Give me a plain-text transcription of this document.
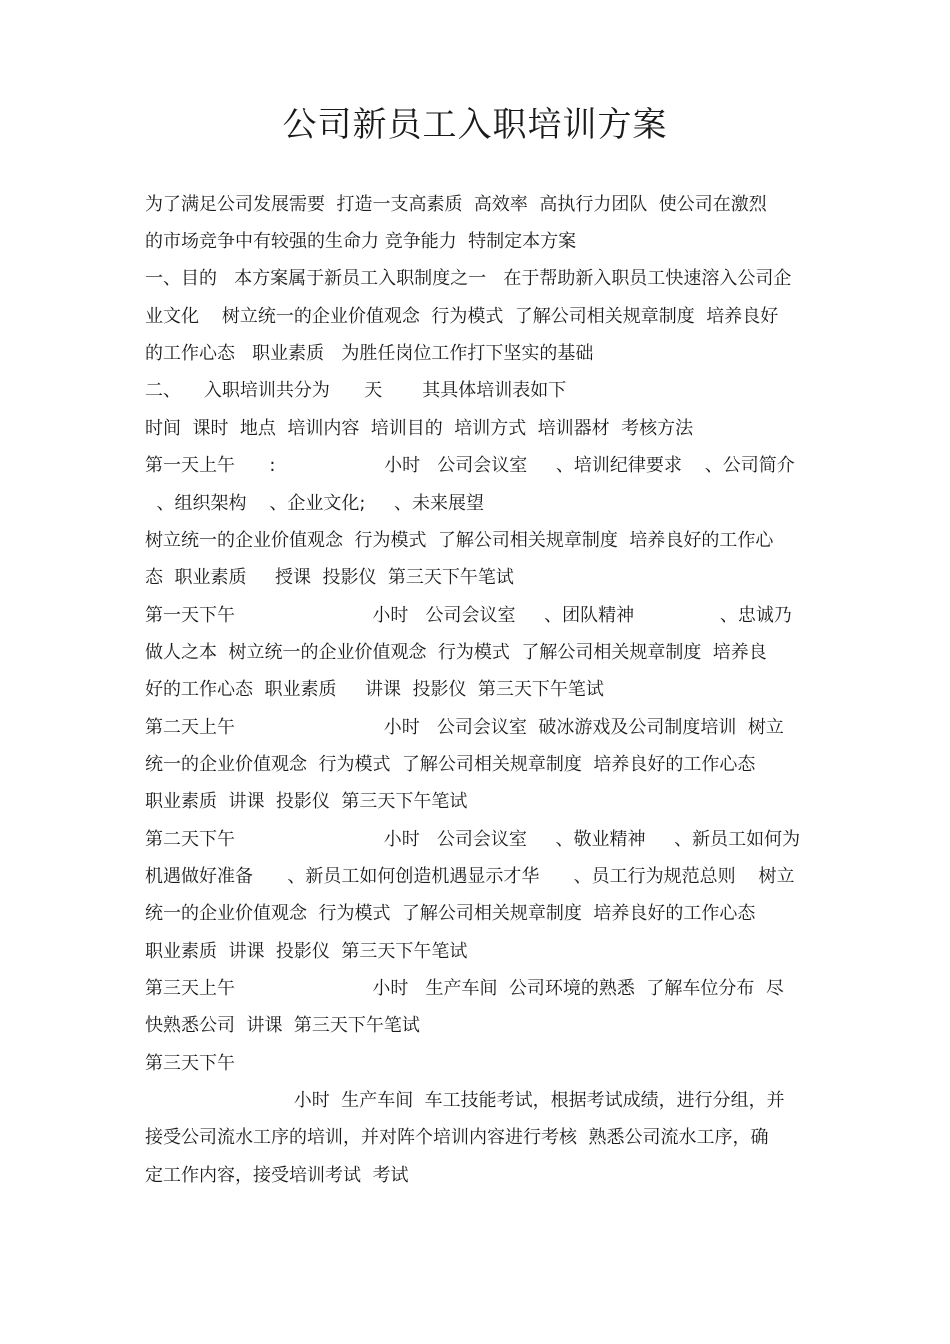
公司新员工入职培训方案
为了满足公司发展需要  打造一支高素质  高效率  高执行力团队  使公司在激烈
的市场竞争中有较强的生命力 竞争能力  特制定本方案
一、目的   本方案属于新员工入职制度之一   在于帮助新入职员工快速溶入公司企
业文化    树立统一的企业价值观念  行为模式  了解公司相关规章制度  培养良好
的工作心态   职业素质   为胜任岗位工作打下坚实的基础
二、    入职培训共分为      天       其具体培训表如下
时间  课时  地点  培训内容  培训目的  培训方式  培训器材  考核方法
第一天上午      :                   小时   公司会议室     、培训纪律要求    、公司简介
、组织架构    、企业文化;     、未来展望
树立统一的企业价值观念  行为模式  了解公司相关规章制度  培养良好的工作心
态  职业素质     授课  投影仪  第三天下午笔试
第一天下午                        小时   公司会议室     、团队精神               、忠诚乃
做人之本  树立统一的企业价值观念  行为模式  了解公司相关规章制度  培养良
好的工作心态  职业素质     讲课  投影仪  第三天下午笔试
第二天上午                          小时   公司会议室  破冰游戏及公司制度培训  树立
统一的企业价值观念  行为模式  了解公司相关规章制度  培养良好的工作心态
职业素质  讲课  投影仪  第三天下午笔试
第二天下午                          小时   公司会议室     、敬业精神     、新员工如何为
机遇做好准备      、新员工如何创造机遇显示才华      、员工行为规范总则    树立
统一的企业价值观念  行为模式  了解公司相关规章制度  培养良好的工作心态
职业素质  讲课  投影仪  第三天下午笔试
第三天上午                        小时   生产车间  公司环境的熟悉  了解车位分布  尽
快熟悉公司  讲课  第三天下午笔试
第三天下午
小时  生产车间  车工技能考试，根据考试成绩，进行分组，并
接受公司流水工序的培训，并对阵个培训内容进行考核  熟悉公司流水工序，确
定工作内容，接受培训考试  考试
